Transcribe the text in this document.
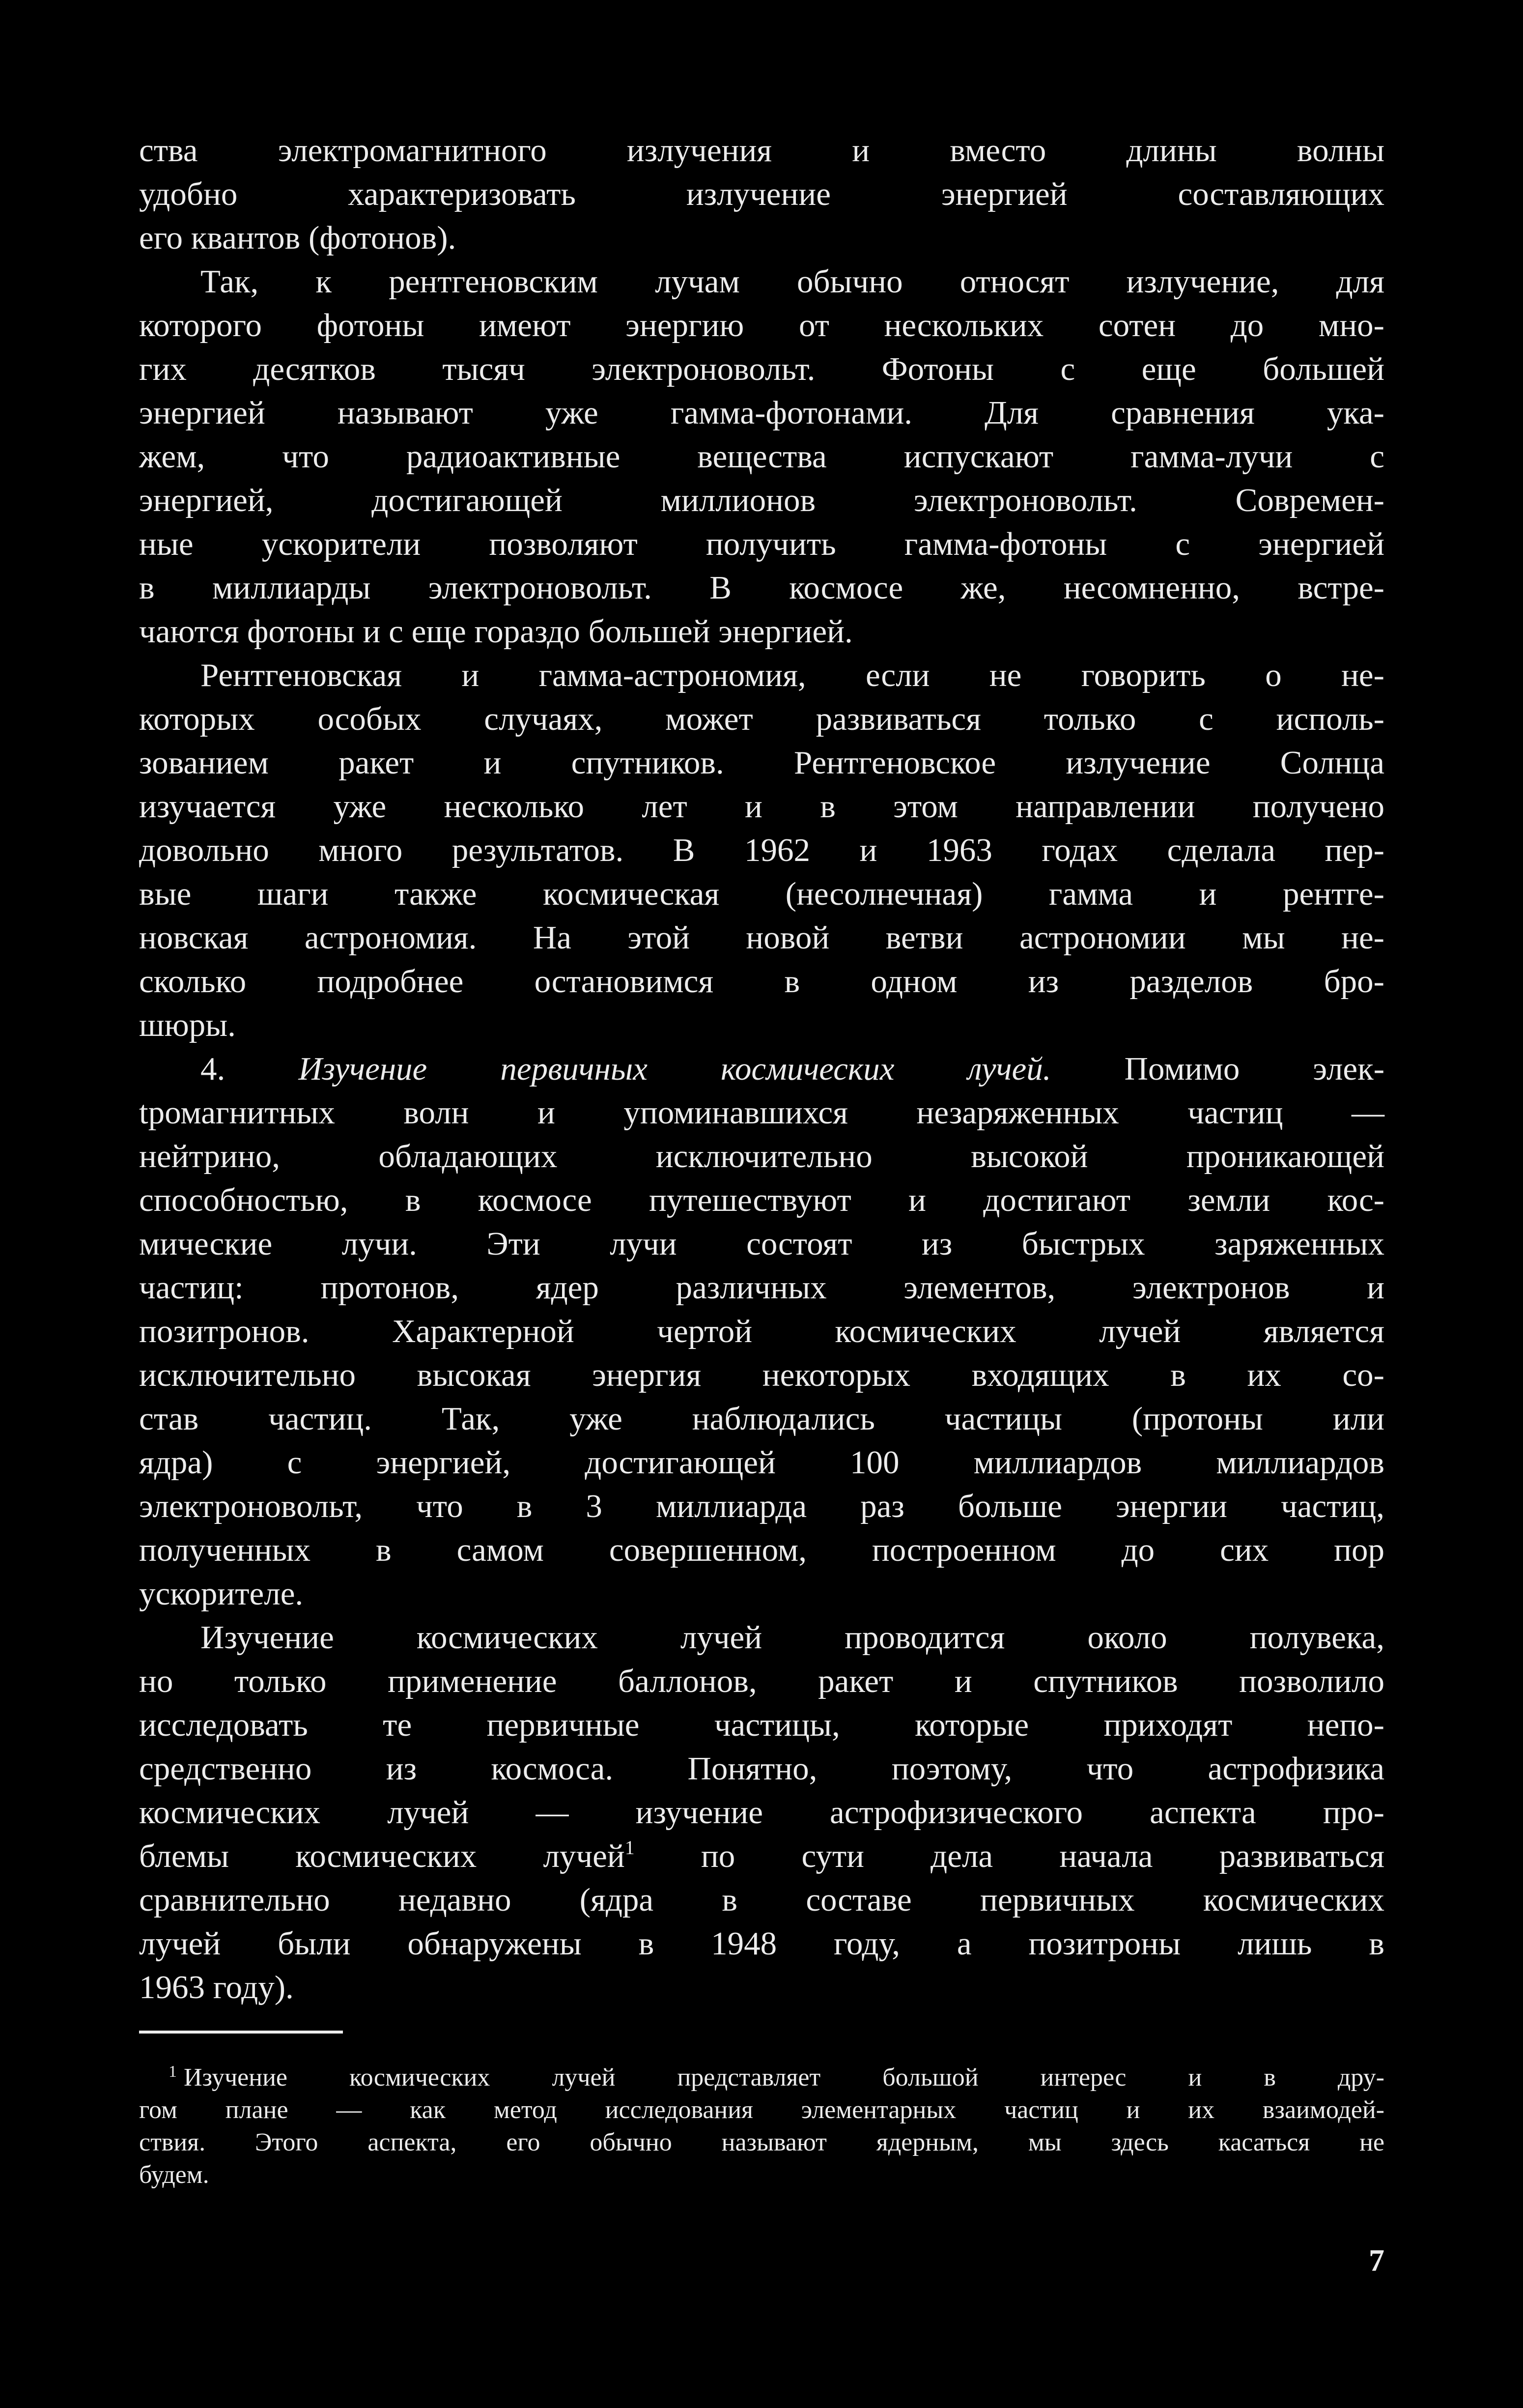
ства электромагнитного излучения и вместо длины волны
удобно характеризовать излучение энергией составляющих
его квантов (фотонов).
Так, к рентгеновским лучам обычно относят излучение, для
которого фотоны имеют энергию от нескольких сотен до мно-
гих десятков тысяч электроновольт. Фотоны с еще большей
энергией называют уже гамма-фотонами. Для сравнения ука-
жем, что радиоактивные вещества испускают гамма-лучи с
энергией, достигающей миллионов электроновольт. Современ-
ные ускорители позволяют получить гамма-фотоны с энергией
в миллиарды электроновольт. В космосе же, несомненно, встре-
чаются фотоны и с еще гораздо большей энергией.
Рентгеновская и гамма-астрономия, если не говорить о не-
которых особых случаях, может развиваться только с исполь-
зованием ракет и спутников. Рентгеновское излучение Солнца
изучается уже несколько лет и в этом направлении получено
довольно много результатов. В 1962 и 1963 годах сделала пер-
вые шаги также космическая (несолнечная) гамма и рентге-
новская астрономия. На этой новой ветви астрономии мы не-
сколько подробнее остановимся в одном из разделов бро-
шюры.
4. Изучение первичных космических лучей. Помимо элек-
tромагнитных волн и упоминавшихся незаряженных частиц —
нейтрино, обладающих исключительно высокой проникающей
способностью, в космосе путешествуют и достигают земли кос-
мические лучи. Эти лучи состоят из быстрых заряженных
частиц: протонов, ядер различных элементов, электронов и
позитронов. Характерной чертой космических лучей является
исключительно высокая энергия некоторых входящих в их со-
став частиц. Так, уже наблюдались частицы (протоны или
ядра) с энергией, достигающей 100 миллиардов миллиардов
электроновольт, что в 3 миллиарда раз больше энергии частиц,
полученных в самом совершенном, построенном до сих пор
ускорителе.
Изучение космических лучей проводится около полувека,
но только применение баллонов, ракет и спутников позволило
исследовать те первичные частицы, которые приходят непо-
средственно из космоса. Понятно, поэтому, что астрофизика
космических лучей — изучение астрофизического аспекта про-
блемы космических лучей$^1$ по сути дела начала развиваться
сравнительно недавно (ядра в составе первичных космических
лучей были обнаружены в 1948 году, а позитроны лишь в
1963 году).
$^1$ Изучение космических лучей представляет большой интерес и в дру-
гом плане — как метод исследования элементарных частиц и их взаимодей-
ствия. Этого аспекта, его обычно называют ядерным, мы здесь касаться не
будем.
7
